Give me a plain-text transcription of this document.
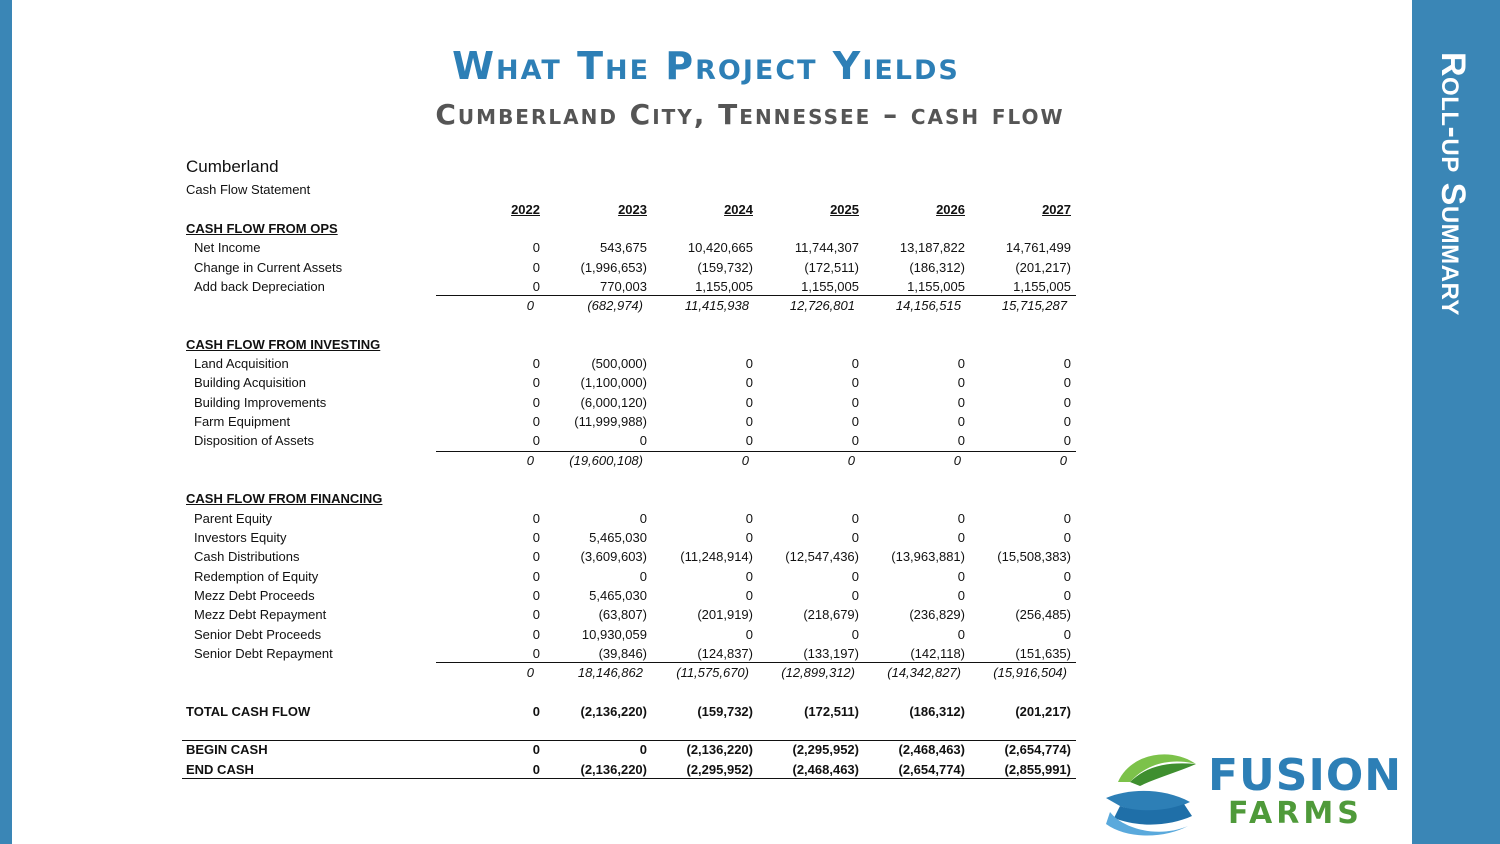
Roll-up Summary
What The Project Yields
Cumberland City, Tennessee – cash flow
Cumberland
Cash Flow Statement
2022	2023	2024	2025	2026	2027
CASH FLOW FROM OPS
Net Income	0	543,675	10,420,665	11,744,307	13,187,822	14,761,499
Change in Current Assets	0	(1,996,653)	(159,732)	(172,511)	(186,312)	(201,217)
Add back Depreciation	0	770,003	1,155,005	1,155,005	1,155,005	1,155,005
0	(682,974)	11,415,938	12,726,801	14,156,515	15,715,287
CASH FLOW FROM INVESTING
Land Acquisition	0	(500,000)	0	0	0	0
Building Acquisition	0	(1,100,000)	0	0	0	0
Building Improvements	0	(6,000,120)	0	0	0	0
Farm Equipment	0	(11,999,988)	0	0	0	0
Disposition of Assets	0	0	0	0	0	0
0	(19,600,108)	0	0	0	0
CASH FLOW FROM FINANCING
Parent Equity	0	0	0	0	0	0
Investors Equity	0	5,465,030	0	0	0	0
Cash Distributions	0	(3,609,603)	(11,248,914)	(12,547,436)	(13,963,881)	(15,508,383)
Redemption of Equity	0	0	0	0	0	0
Mezz Debt Proceeds	0	5,465,030	0	0	0	0
Mezz Debt Repayment	0	(63,807)	(201,919)	(218,679)	(236,829)	(256,485)
Senior Debt Proceeds	0	10,930,059	0	0	0	0
Senior Debt Repayment	0	(39,846)	(124,837)	(133,197)	(142,118)	(151,635)
0	18,146,862	(11,575,670)	(12,899,312)	(14,342,827)	(15,916,504)
TOTAL CASH FLOW	0	(2,136,220)	(159,732)	(172,511)	(186,312)	(201,217)
BEGIN CASH	0	0	(2,136,220)	(2,295,952)	(2,468,463)	(2,654,774)
END CASH	0	(2,136,220)	(2,295,952)	(2,468,463)	(2,654,774)	(2,855,991)	FUSION
FARMS
